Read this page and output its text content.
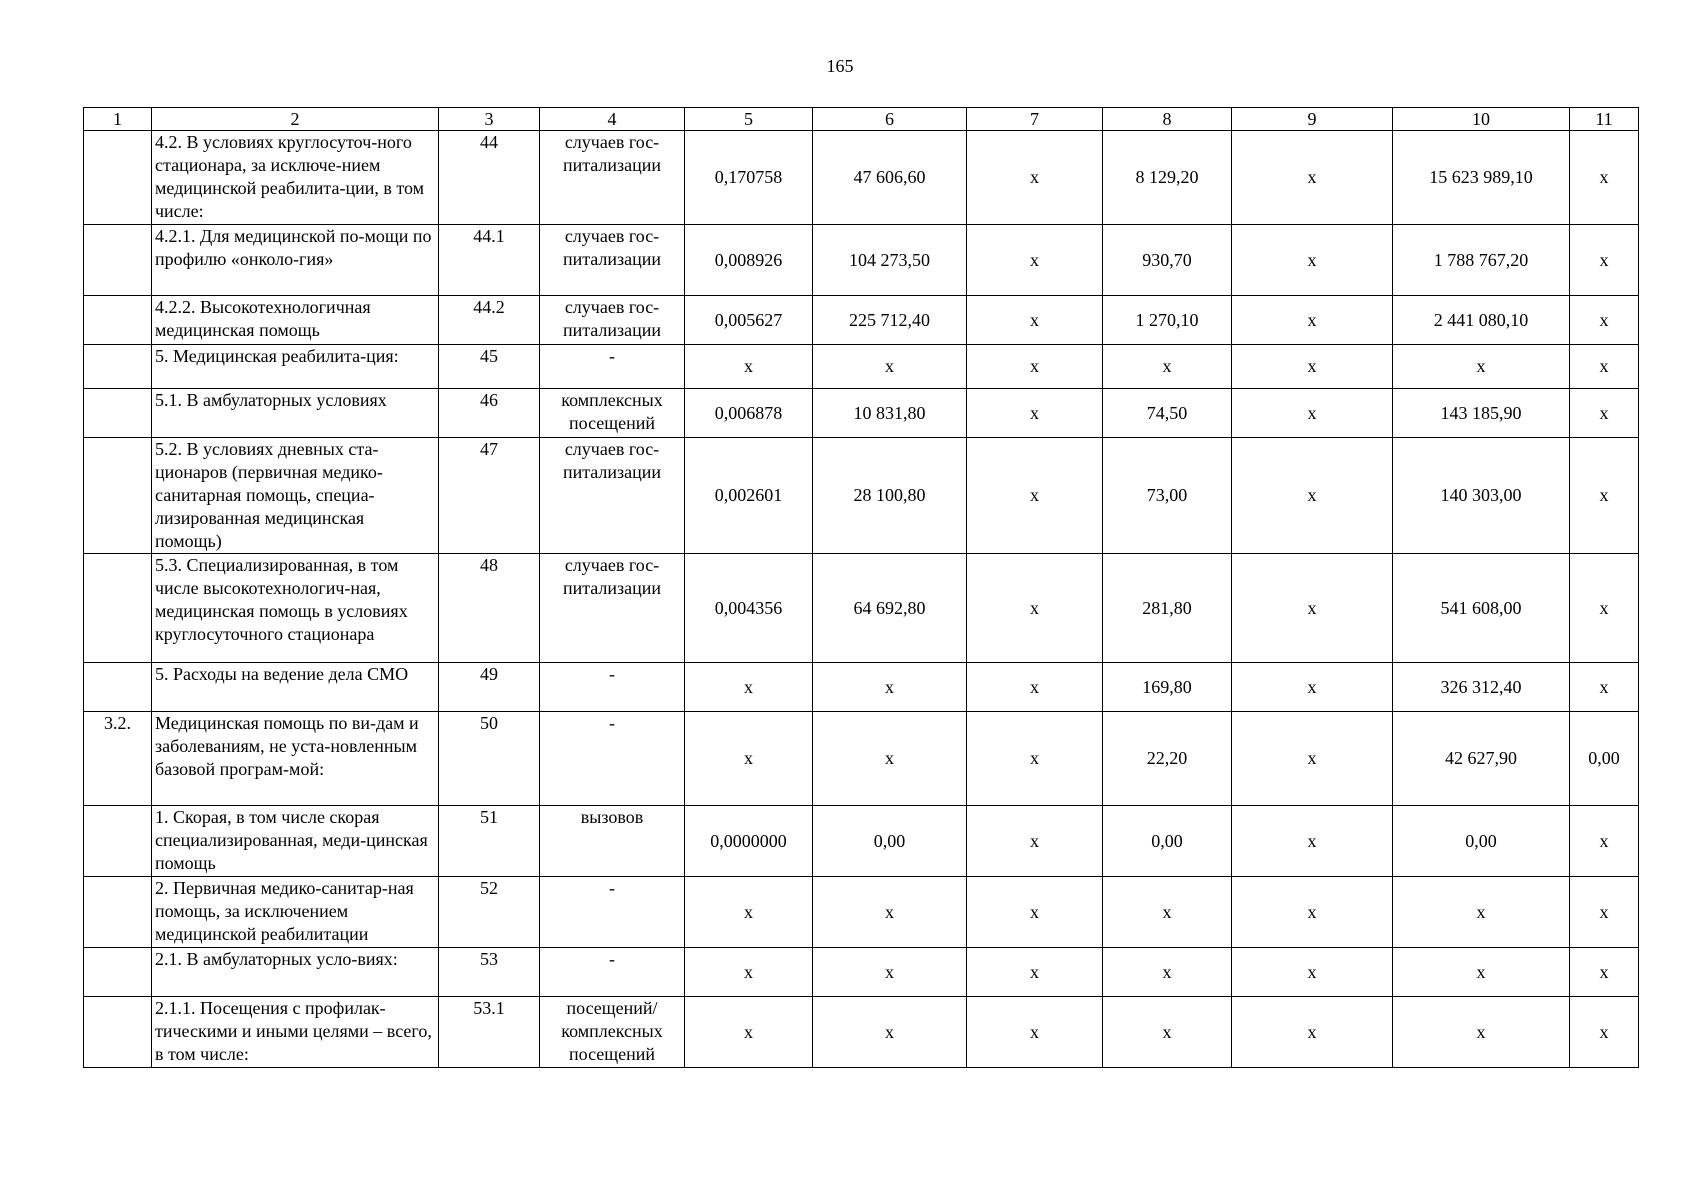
165
1	2	3	4	5	6	7	8	9	10	11
	4.2. В условиях круглосуточ-ного стационара, за исключе-нием медицинской реабилита-ции, в том числе:	44	случаев гос-питализации	0,170758	47 606,60	х	8 129,20	х	15 623 989,10	х
	4.2.1. Для медицинской по-мощи по профилю «онколо-гия»	44.1	случаев гос-питализации	0,008926	104 273,50	х	930,70	х	1 788 767,20	х
	4.2.2. Высокотехнологичная медицинская помощь	44.2	случаев гос-питализации	0,005627	225 712,40	х	1 270,10	х	2 441 080,10	х
	5. Медицинская реабилита-ция:	45	-	х	х	х	х	х	х	х
	5.1. В амбулаторных условиях	46	комплексных посещений	0,006878	10 831,80	х	74,50	х	143 185,90	х
	5.2. В условиях дневных ста-ционаров (первичная медико-санитарная помощь, специа-лизированная медицинская помощь)	47	случаев гос-питализации	0,002601	28 100,80	х	73,00	х	140 303,00	х
	5.3. Специализированная, в том числе высокотехнологич-ная, медицинская помощь в условиях круглосуточного стационара	48	случаев гос-питализации	0,004356	64 692,80	х	281,80	х	541 608,00	х
	5. Расходы на ведение дела СМО	49	-	х	х	х	169,80	х	326 312,40	х
3.2.	Медицинская помощь по ви-дам и заболеваниям, не уста-новленным базовой програм-мой:	50	-	х	х	х	22,20	х	42 627,90	0,00
	1. Скорая, в том числе скорая специализированная, меди-цинская помощь	51	вызовов	0,0000000	0,00	х	0,00	х	0,00	х
	2. Первичная медико-санитар-ная помощь, за исключением медицинской реабилитации	52	-	х	х	х	х	х	х	х
	2.1. В амбулаторных усло-виях:	53	-	х	х	х	х	х	х	х
	2.1.1. Посещения с профилак-тическими и иными целями – всего, в том числе:	53.1	посещений/ комплексных посещений	х	х	х	х	х	х	х
